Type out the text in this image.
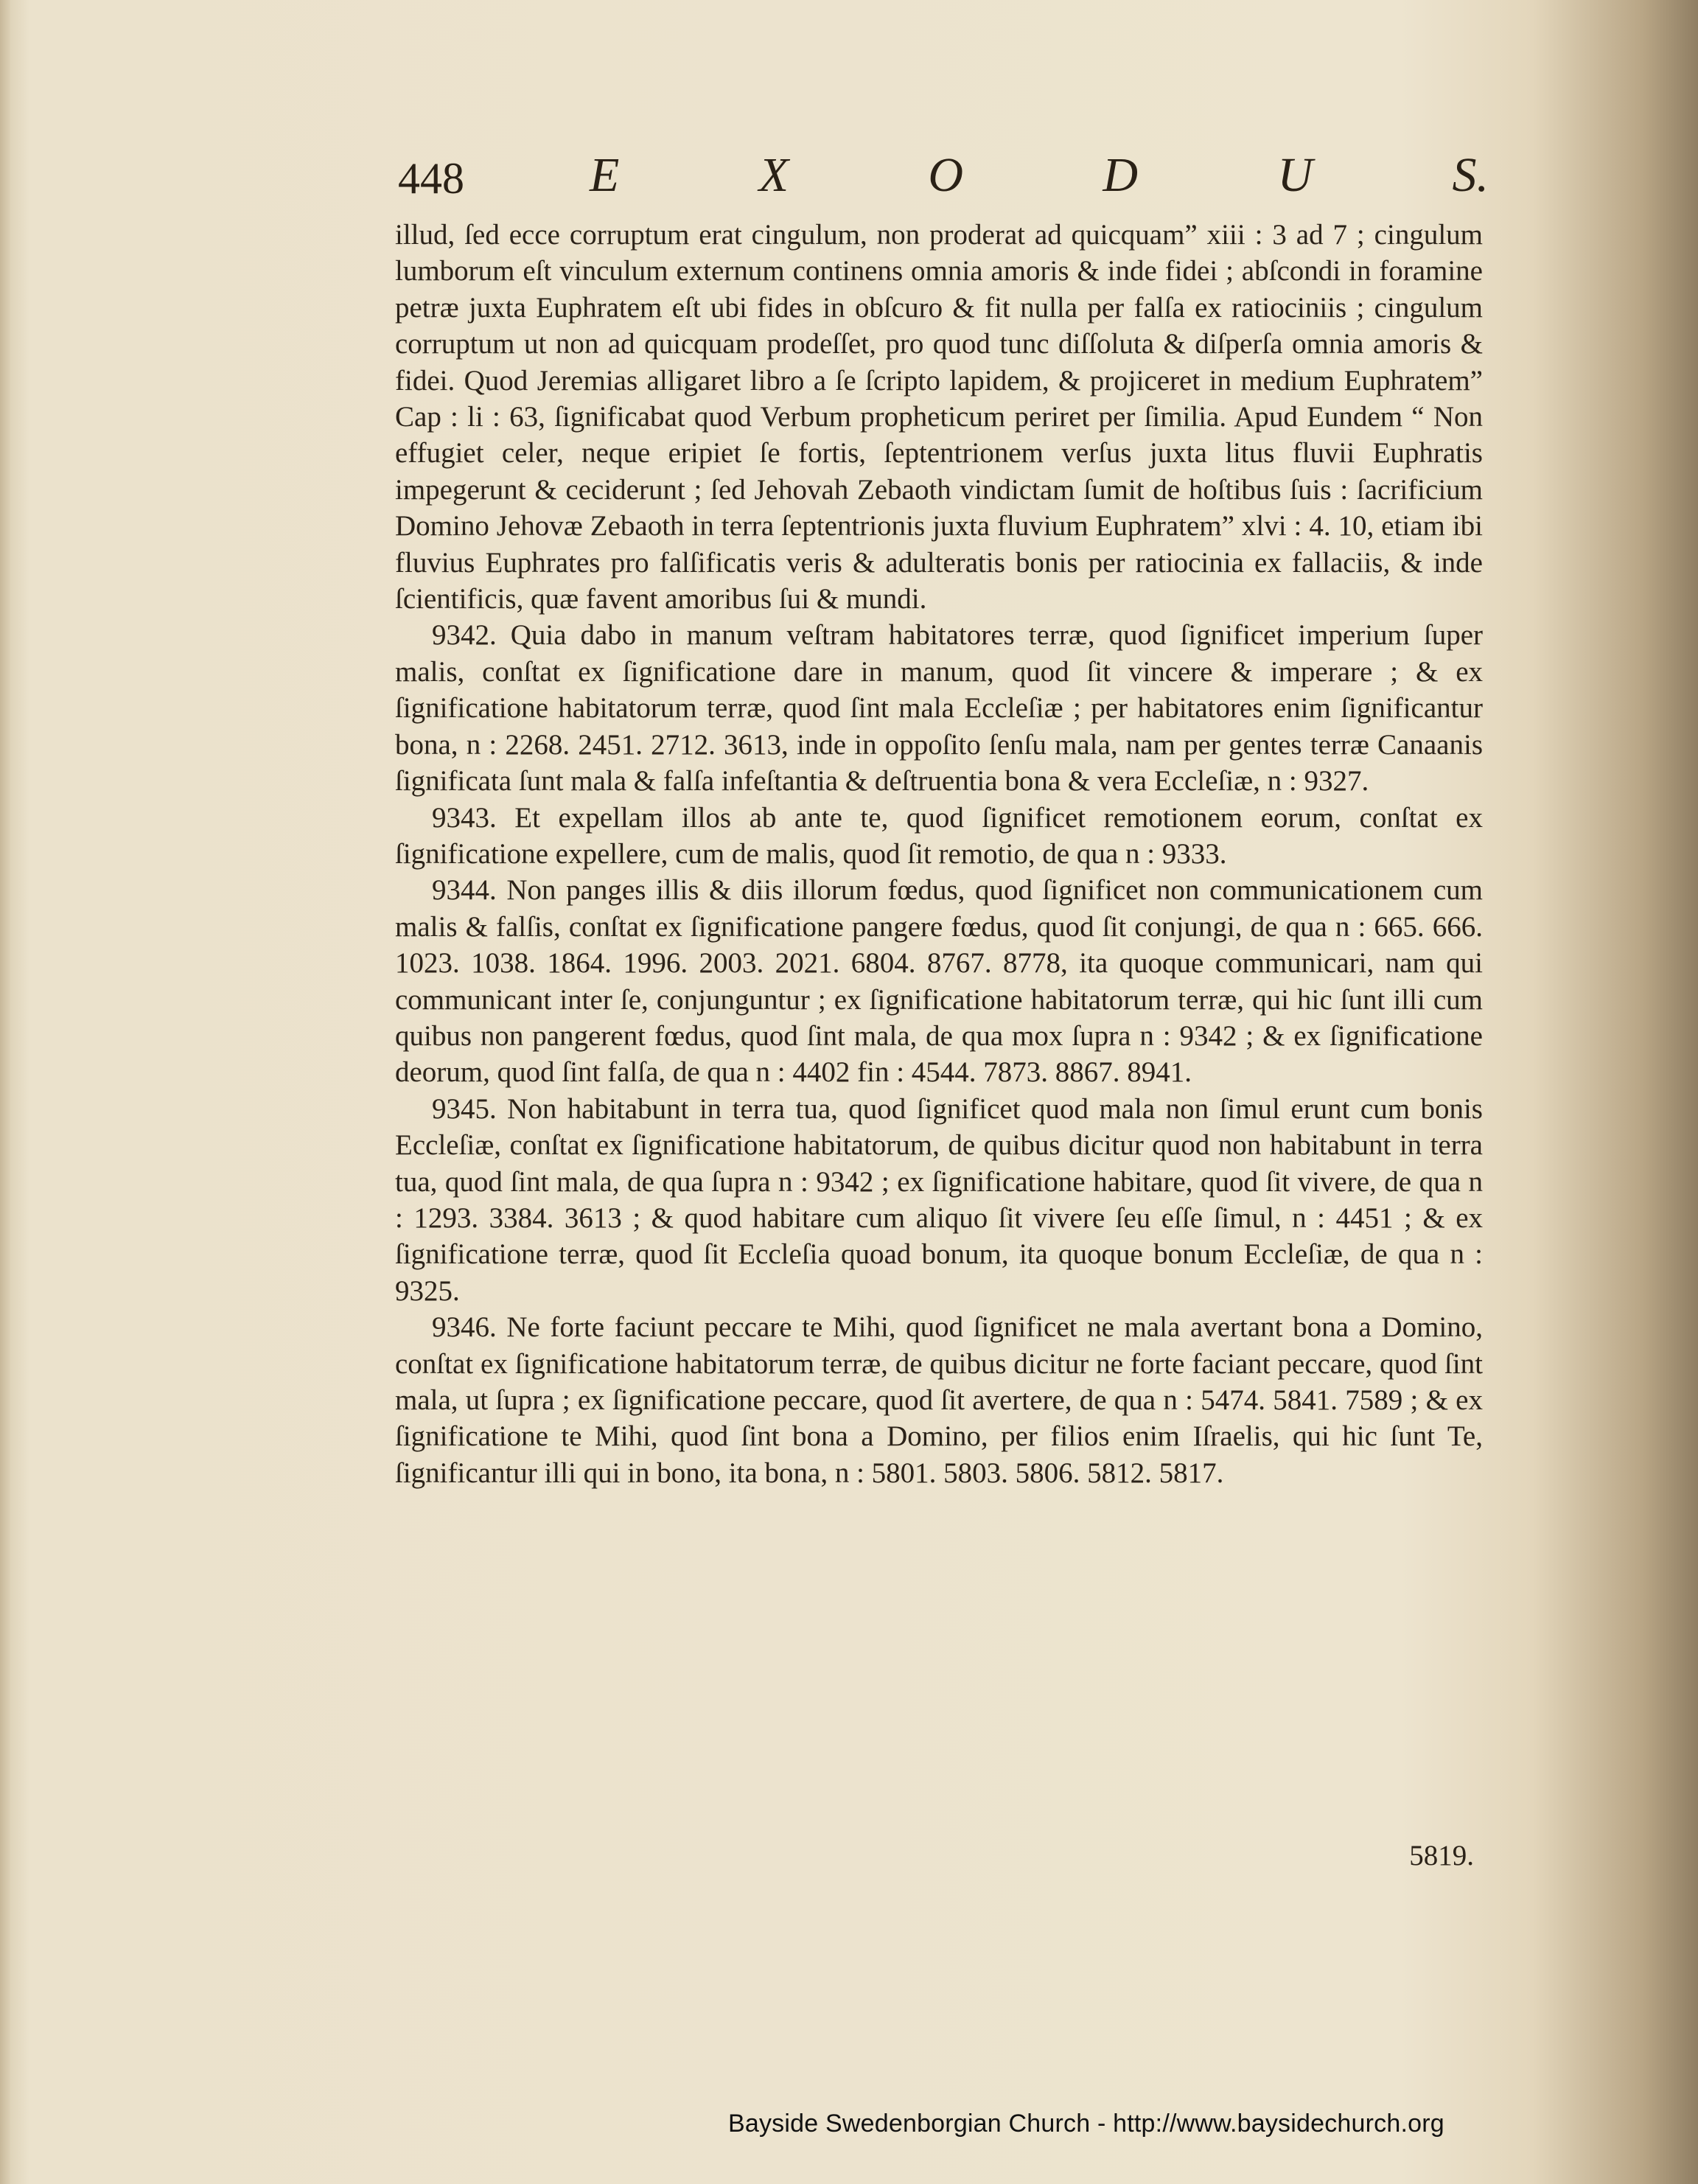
448	E	X	O	D	U	S.

illud, ſed ecce corruptum erat cingulum, non proderat ad quicquam” xiii : 3 ad 7 ; cingulum lumborum eſt vinculum externum continens omnia amoris & inde fidei ; abſcondi in foramine petræ juxta Euphratem eſt ubi fides in obſcuro & fit nulla per falſa ex ratiociniis ; cingulum corruptum ut non ad quicquam prodeſſet, pro quod tunc diſſoluta & diſperſa omnia amoris & fidei. Quod Jeremias alligaret libro a ſe ſcripto lapidem, & projiceret in medium Euphratem” Cap : li : 63, ſignificabat quod Verbum propheticum periret per ſimilia. Apud Eundem “ Non effugiet celer, neque eripiet ſe fortis, ſeptentrionem verſus juxta litus fluvii Euphratis impegerunt & ceciderunt ; ſed Jehovah Zebaoth vindictam ſumit de hoſtibus ſuis : ſacrificium Domino Jehovæ Zebaoth in terra ſeptentrionis juxta fluvium Euphratem” xlvi : 4. 10, etiam ibi fluvius Euphrates pro falſificatis veris & adulteratis bonis per ratiocinia ex fallaciis, & inde ſcientificis, quæ favent amoribus ſui & mundi.

9342. Quia dabo in manum veſtram habitatores terræ, quod ſignificet imperium ſuper malis, conſtat ex ſignificatione dare in manum, quod ſit vincere & imperare ; & ex ſignificatione habitatorum terræ, quod ſint mala Eccleſiæ ; per habitatores enim ſignificantur bona, n : 2268. 2451. 2712. 3613, inde in oppoſito ſenſu mala, nam per gentes terræ Canaanis ſignificata ſunt mala & falſa infeſtantia & deſtruentia bona & vera Eccleſiæ, n : 9327.

9343. Et expellam illos ab ante te, quod ſignificet remotionem eorum, conſtat ex ſignificatione expellere, cum de malis, quod ſit remotio, de qua n : 9333.

9344. Non panges illis & diis illorum fœdus, quod ſignificet non communicationem cum malis & falſis, conſtat ex ſignificatione pangere fœdus, quod ſit conjungi, de qua n : 665. 666. 1023. 1038. 1864. 1996. 2003. 2021. 6804. 8767. 8778, ita quoque communicari, nam qui communicant inter ſe, conjunguntur ; ex ſignificatione habitatorum terræ, qui hic ſunt illi cum quibus non pangerent fœdus, quod ſint mala, de qua mox ſupra n : 9342 ; & ex ſignificatione deorum, quod ſint falſa, de qua n : 4402 fin : 4544. 7873. 8867. 8941.

9345. Non habitabunt in terra tua, quod ſignificet quod mala non ſimul erunt cum bonis Eccleſiæ, conſtat ex ſignificatione habitatorum, de quibus dicitur quod non habitabunt in terra tua, quod ſint mala, de qua ſupra n : 9342 ; ex ſignificatione habitare, quod ſit vivere, de qua n : 1293. 3384. 3613 ; & quod habitare cum aliquo ſit vivere ſeu eſſe ſimul, n : 4451 ; & ex ſignificatione terræ, quod ſit Eccleſia quoad bonum, ita quoque bonum Eccleſiæ, de qua n : 9325.

9346. Ne forte faciunt peccare te Mihi, quod ſignificet ne mala avertant bona a Domino, conſtat ex ſignificatione habitatorum terræ, de quibus dicitur ne forte faciant peccare, quod ſint mala, ut ſupra ; ex ſignificatione peccare, quod ſit avertere, de qua n : 5474. 5841. 7589 ; & ex ſignificatione te Mihi, quod ſint bona a Domino, per filios enim Iſraelis, qui hic ſunt Te, ſignificantur illi qui in bono, ita bona, n : 5801. 5803. 5806. 5812. 5817.

5819.
Bayside Swedenborgian Church - http://www.baysidechurch.org
